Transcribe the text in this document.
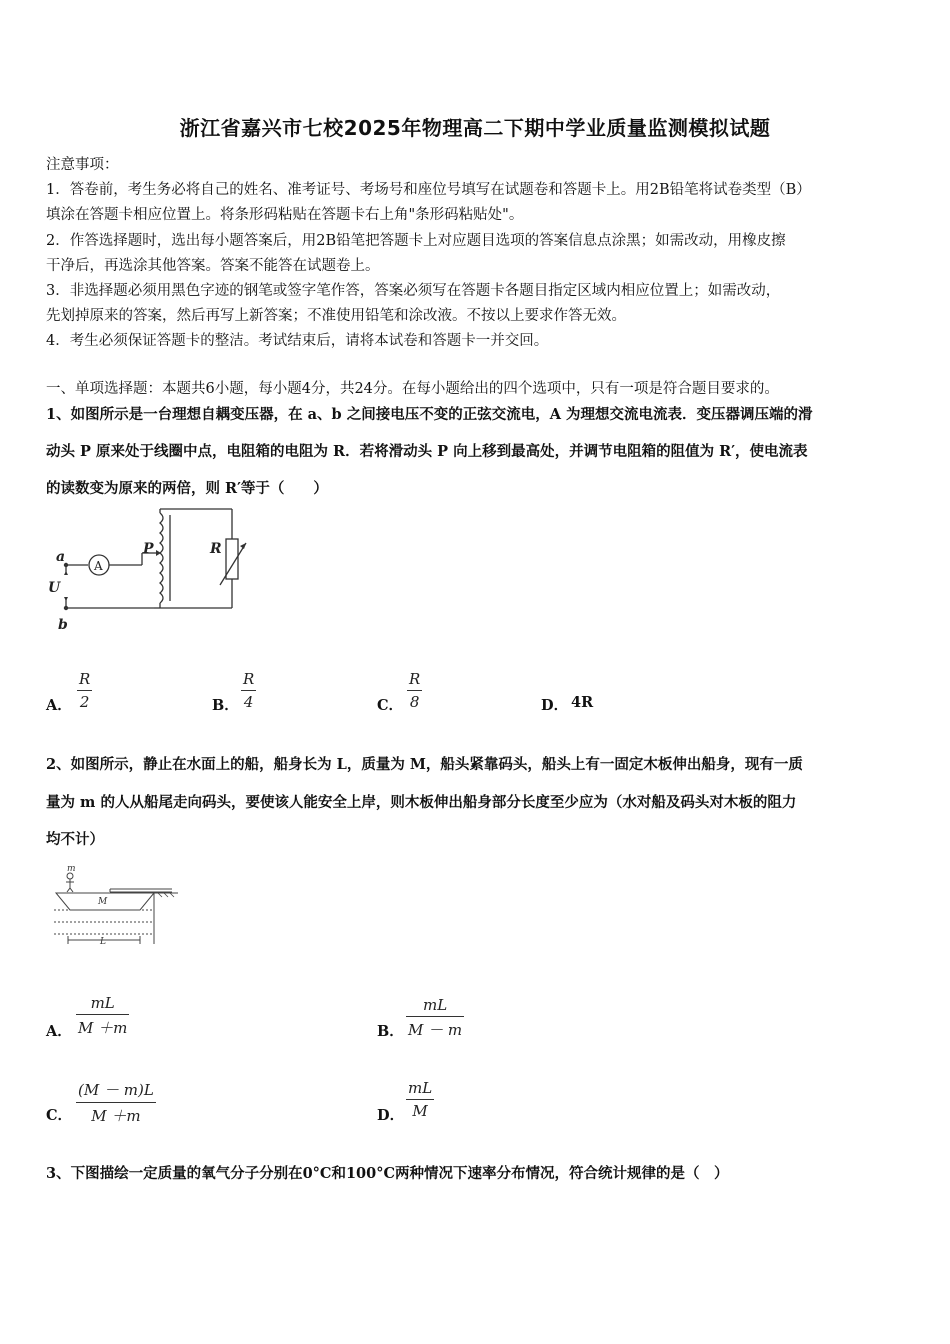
浙江省嘉兴市七校2025年物理高二下期中学业质量监测模拟试题
注意事项：
1．答卷前，考生务必将自己的姓名、准考证号、考场号和座位号填写在试题卷和答题卡上。用2B铅笔将试卷类型（B）
填涂在答题卡相应位置上。将条形码粘贴在答题卡右上角"条形码粘贴处"。
2．作答选择题时，选出每小题答案后，用2B铅笔把答题卡上对应题目选项的答案信息点涂黑；如需改动，用橡皮擦
干净后，再选涂其他答案。答案不能答在试题卷上。
3．非选择题必须用黑色字迹的钢笔或签字笔作答，答案必须写在答题卡各题目指定区域内相应位置上；如需改动，
先划掉原来的答案，然后再写上新答案；不准使用铅笔和涂改液。不按以上要求作答无效。
4．考生必须保证答题卡的整洁。考试结束后，请将本试卷和答题卡一并交回。
一、单项选择题：本题共6小题，每小题4分，共24分。在每小题给出的四个选项中，只有一项是符合题目要求的。
1、如图所示是一台理想自耦变压器，在 a、b 之间接电压不变的正弦交流电，A 为理想交流电流表．变压器调压端的滑
动头 P 原来处于线圈中点，电阻箱的电阻为 R．若将滑动头 P 向上移到最高处，并调节电阻箱的阻值为 R′，使电流表
的读数变为原来的两倍，则 R′等于（　　）
a
U
b
P	R
A
A．
R
2	B．
R
4	C．
R
8	D． 4R
2、如图所示，静止在水面上的船，船身长为 L，质量为 M，船头紧靠码头，船头上有一固定木板伸出船身，现有一质
量为 m 的人从船尾走向码头，要使该人能安全上岸，则木板伸出船身部分长度至少应为（水对船及码头对木板的阻力
均不计）
m
M
L
A．
mL
M ＋m	B．
mL
M － m
C．
(M － m)L
M ＋m	D．
mL
M
3、下图描绘一定质量的氧气分子分别在0°C和100°C两种情况下速率分布情况，符合统计规律的是（　）
